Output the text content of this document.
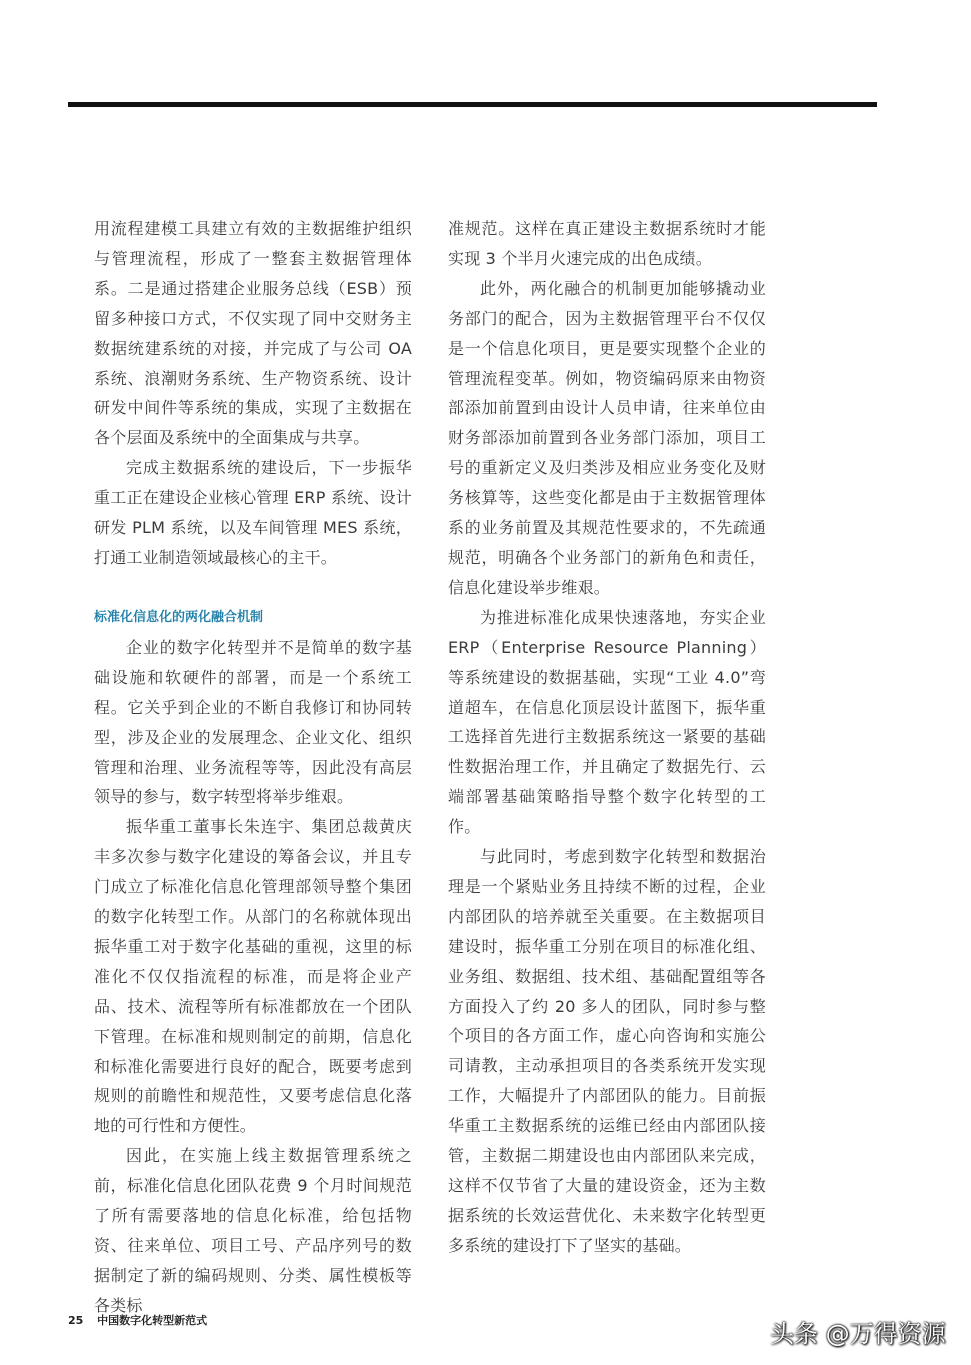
用流程建模工具建立有效的主数据维护组织与管理流程，形成了一整套主数据管理体系。二是通过搭建企业服务总线（ESB）预留多种接口方式，不仅实现了同中交财务主数据统建系统的对接，并完成了与公司 OA 系统、浪潮财务系统、生产物资系统、设计研发中间件等系统的集成，实现了主数据在各个层面及系统中的全面集成与共享。

完成主数据系统的建设后，下一步振华重工正在建设企业核心管理 ERP 系统、设计研发 PLM 系统，以及车间管理 MES 系统，打通工业制造领域最核心的主干。

标准化信息化的两化融合机制

企业的数字化转型并不是简单的数字基础设施和软硬件的部署，而是一个系统工程。它关乎到企业的不断自我修订和协同转型，涉及企业的发展理念、企业文化、组织管理和治理、业务流程等等，因此没有高层领导的参与，数字转型将举步维艰。

振华重工董事长朱连宇、集团总裁黄庆丰多次参与数字化建设的筹备会议，并且专门成立了标准化信息化管理部领导整个集团的数字化转型工作。从部门的名称就体现出振华重工对于数字化基础的重视，这里的标准化不仅仅指流程的标准，而是将企业产品、技术、流程等所有标准都放在一个团队下管理。在标准和规则制定的前期，信息化和标准化需要进行良好的配合，既要考虑到规则的前瞻性和规范性，又要考虑信息化落地的可行性和方便性。

因此，在实施上线主数据管理系统之前，标准化信息化团队花费 9 个月时间规范了所有需要落地的信息化标准，给包括物资、往来单位、项目工号、产品序列号的数据制定了新的编码规则、分类、属性模板等各类标

准规范。这样在真正建设主数据系统时才能实现 3 个半月火速完成的出色成绩。

此外，两化融合的机制更加能够撬动业务部门的配合，因为主数据管理平台不仅仅是一个信息化项目，更是要实现整个企业的管理流程变革。例如，物资编码原来由物资部添加前置到由设计人员申请，往来单位由财务部添加前置到各业务部门添加，项目工号的重新定义及归类涉及相应业务变化及财务核算等，这些变化都是由于主数据管理体系的业务前置及其规范性要求的，不先疏通规范，明确各个业务部门的新角色和责任，信息化建设举步维艰。

为推进标准化成果快速落地，夯实企业 ERP（Enterprise Resource Planning）等系统建设的数据基础，实现“工业 4.0”弯道超车，在信息化顶层设计蓝图下，振华重工选择首先进行主数据系统这一紧要的基础性数据治理工作，并且确定了数据先行、云端部署基础策略指导整个数字化转型的工作。

与此同时，考虑到数字化转型和数据治理是一个紧贴业务且持续不断的过程，企业内部团队的培养就至关重要。在主数据项目建设时，振华重工分别在项目的标准化组、业务组、数据组、技术组、基础配置组等各方面投入了约 20 多人的团队，同时参与整个项目的各方面工作，虚心向咨询和实施公司请教，主动承担项目的各类系统开发实现工作，大幅提升了内部团队的能力。目前振华重工主数据系统的运维已经由内部团队接管，主数据二期建设也由内部团队来完成，这样不仅节省了大量的建设资金，还为主数据系统的长效运营优化、未来数字化转型更多系统的建设打下了坚实的基础。

25 中国数字化转型新范式	头条 @万得资源
